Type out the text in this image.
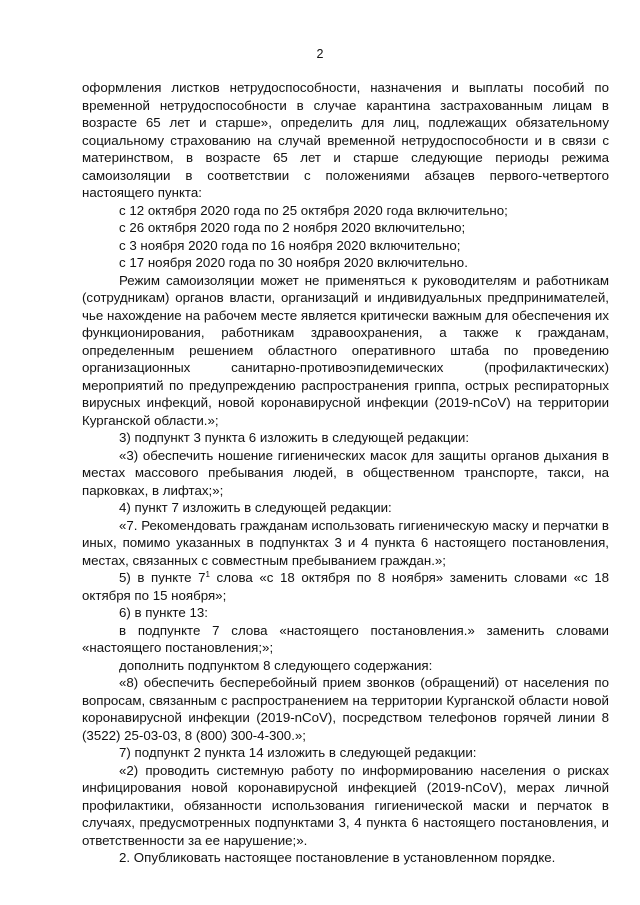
2

оформления листков нетрудоспособности, назначения и выплаты пособий по временной нетрудоспособности в случае карантина застрахованным лицам в возрасте 65 лет и старше», определить для лиц, подлежащих обязательному социальному страхованию на случай временной нетрудоспособности и в связи с материнством, в возрасте 65 лет и старше следующие периоды режима самоизоляции в соответствии с положениями абзацев первого-четвертого настоящего пункта:

с 12 октября 2020 года по 25 октября 2020 года включительно;

с 26 октября 2020 года по 2 ноября 2020 включительно;

с 3 ноября 2020 года по 16 ноября 2020 включительно;

с 17 ноября 2020 года по 30 ноября 2020 включительно.

Режим самоизоляции может не применяться к руководителям и работникам (сотрудникам) органов власти, организаций и индивидуальных предпринимателей, чье нахождение на рабочем месте является критически важным для обеспечения их функционирования, работникам здравоохранения, а также к гражданам, определенным решением областного оперативного штаба по проведению организационных санитарно-противоэпидемических (профилактических) мероприятий по предупреждению распространения гриппа, острых респираторных вирусных инфекций, новой коронавирусной инфекции (2019-nCoV) на территории Курганской области.»;

3) подпункт 3 пункта 6 изложить в следующей редакции:

«3) обеспечить ношение гигиенических масок для защиты органов дыхания в местах массового пребывания людей, в общественном транспорте, такси, на парковках, в лифтах;»;

4) пункт 7 изложить в следующей редакции:

«7. Рекомендовать гражданам использовать гигиеническую маску и перчатки в иных, помимо указанных в подпунктах 3 и 4 пункта 6 настоящего постановления, местах, связанных с совместным пребыванием граждан.»;

5) в пункте $7^1$ слова «с 18 октября по 8 ноября» заменить словами «с 18 октября по 15 ноября»;

6) в пункте 13:

в подпункте 7 слова «настоящего постановления.» заменить словами «настоящего постановления;»;

дополнить подпунктом 8 следующего содержания:

«8) обеспечить бесперебойный прием звонков (обращений) от населения по вопросам, связанным с распространением на территории Курганской области новой коронавирусной инфекции (2019-nCoV), посредством телефонов горячей линии 8 (3522) 25-03-03, 8 (800) 300-4-300.»;

7) подпункт 2 пункта 14 изложить в следующей редакции:

«2) проводить системную работу по информированию населения о рисках инфицирования новой коронавирусной инфекцией (2019-nCoV), мерах личной профилактики, обязанности использования гигиенической маски и перчаток в случаях, предусмотренных подпунктами 3, 4 пункта 6 настоящего постановления, и ответственности за ее нарушение;».

2. Опубликовать настоящее постановление в установленном порядке.
